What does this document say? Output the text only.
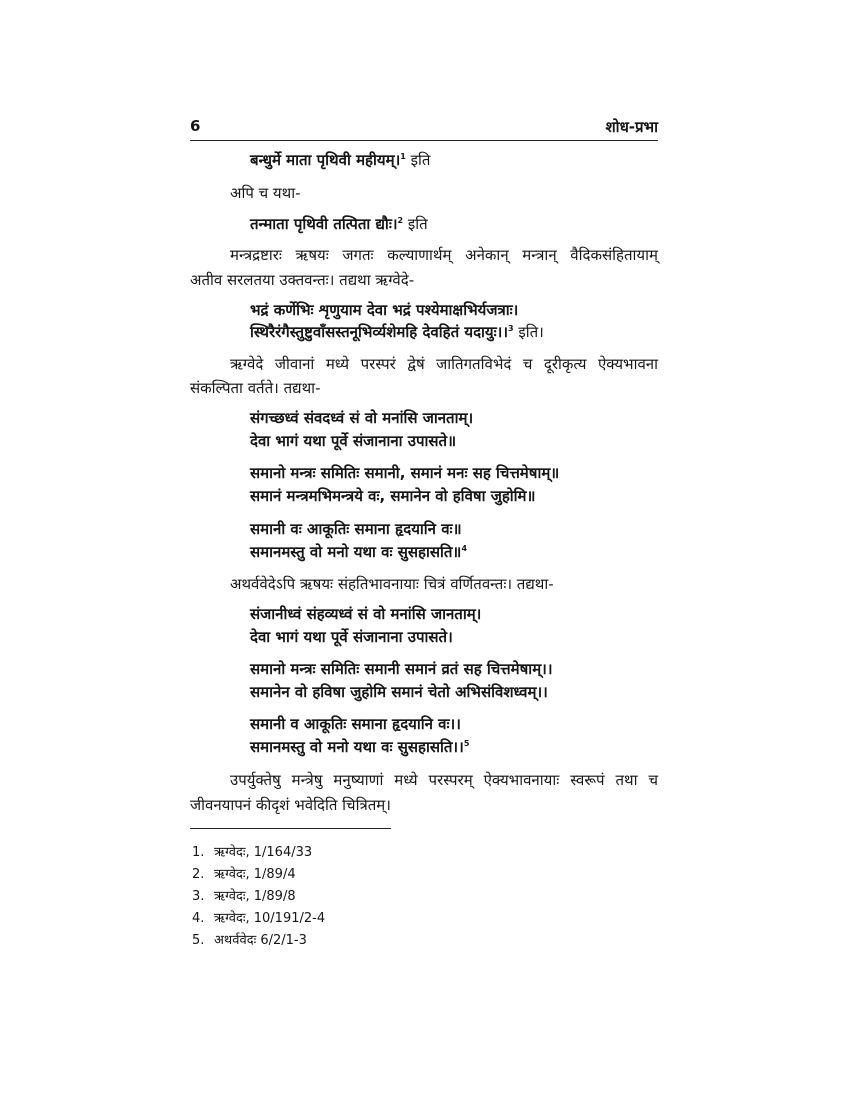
6	शोध-प्रभा
बन्धुर्मे माता पृथिवी महीयम्।$^1$ इति
अपि च यथा-
तन्माता पृथिवी तत्पिता द्यौः।$^2$ इति
मन्त्रद्रष्टारः ऋषयः जगतः कल्याणार्थम् अनेकान् मन्त्रान् वैदिकसंहितायाम्
अतीव सरलतया उक्तवन्तः। तद्यथा ऋग्वेदे-
भद्रं कर्णेभिः शृणुयाम देवा भद्रं पश्येमाक्षभिर्यजत्राः।
स्थिरैरंगैस्तुष्टुवाँसस्तनूभिर्व्यशेमहि देवहितं यदायुः।।$^3$ इति।
ऋग्वेदे जीवानां मध्ये परस्परं द्वेषं जातिगतविभेदं च दूरीकृत्य ऐक्यभावना
संकल्पिता वर्तते। तद्यथा-
संगच्छध्वं संवदध्वं सं वो मनांसि जानताम्।
देवा भागं यथा पूर्वे संजानाना उपासते॥
समानो मन्त्रः समितिः समानी, समानं मनः सह चित्तमेषाम्॥
समानं मन्त्रमभिमन्त्रये वः, समानेन वो हविषा जुहोमि॥
समानी वः आकूतिः समाना हृदयानि वः॥
समानमस्तु वो मनो यथा वः सुसहासति॥$^4$
अथर्ववेदेऽपि ऋषयः संहतिभावनायाः चित्रं वर्णितवन्तः। तद्यथा-
संजानीध्वं संहव्यध्वं सं वो मनांसि जानताम्।
देवा भागं यथा पूर्वे संजानाना उपासते।
समानो मन्त्रः समितिः समानी समानं व्रतं सह चित्तमेषाम्।।
समानेन वो हविषा जुहोमि समानं चेतो अभिसंविशध्वम्।।
समानी व आकूतिः समाना हृदयानि वः।।
समानमस्तु वो मनो यथा वः सुसहासति।।$^5$
उपर्युक्तेषु मन्त्रेषु मनुष्याणां मध्ये परस्परम् ऐक्यभावनायाः स्वरूपं तथा च
जीवनयापनं कीदृशं भवेदिति चित्रितम्।
1. ऋग्वेदः, 1/164/33
2. ऋग्वेदः, 1/89/4
3. ऋग्वेदः, 1/89/8
4. ऋग्वेदः, 10/191/2-4
5. अथर्ववेदः 6/2/1-3
